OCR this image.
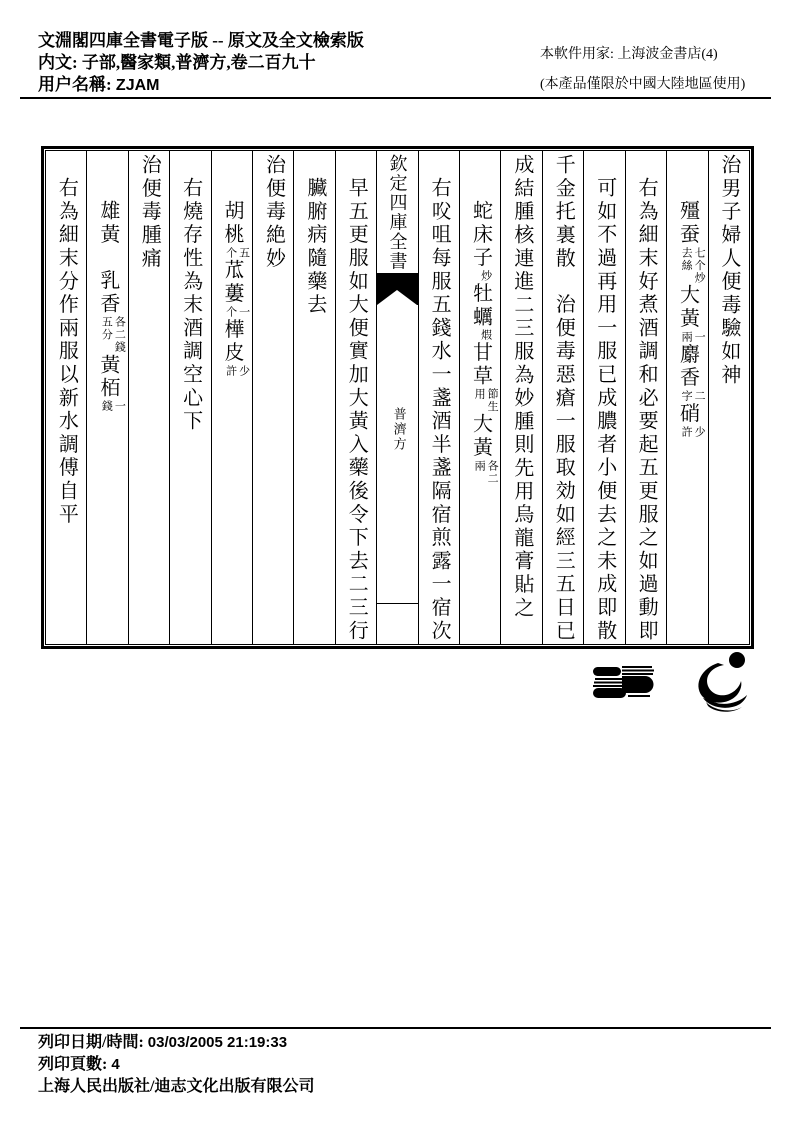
文淵閣四庫全書電子版 -- 原文及全文檢索版
内文: 子部,醫家類,普濟方,卷二百九十
用户名稱: ZJAM
本軟件用家: 上海波金書店(4)
(本產品僅限於中國大陸地區使用)
右為細末分作兩服以新水調傅自平 雄黃乳香
各二錢
五分
黃栢
一
錢
治便毒腫痛 右燒存性為末酒調空心下 胡桃
五
个
苽蔞
一
个
樺皮
少
許
治便毒絶妙 臟腑病隨藥去 早五更服如大便實加大黃入藥後令下去二三行	欽定四庫全書
普濟方	右㕮咀每服五錢水一盞酒半盞隔宿煎露一宿次 蛇床子
炒
牡蠣
煆
甘草
節生
用
大黃
各二
兩	成結腫核連進二三服為妙腫則先用烏龍膏貼之 千金托裏散治便毒惡瘡一服取効如經三五日已 可如不過再用一服已成膿者小便去之未成即散 右為細末好煮酒調和必要起五更服之如過動即 殭蚕
七个炒
去絲
大黃
一
兩
麝香
二
字
硝
少
許
治男子婦人便毒驗如神
列印日期/時間: 03/03/2005 21:19:33
列印頁數: 4
上海人民出版社/迪志文化出版有限公司
